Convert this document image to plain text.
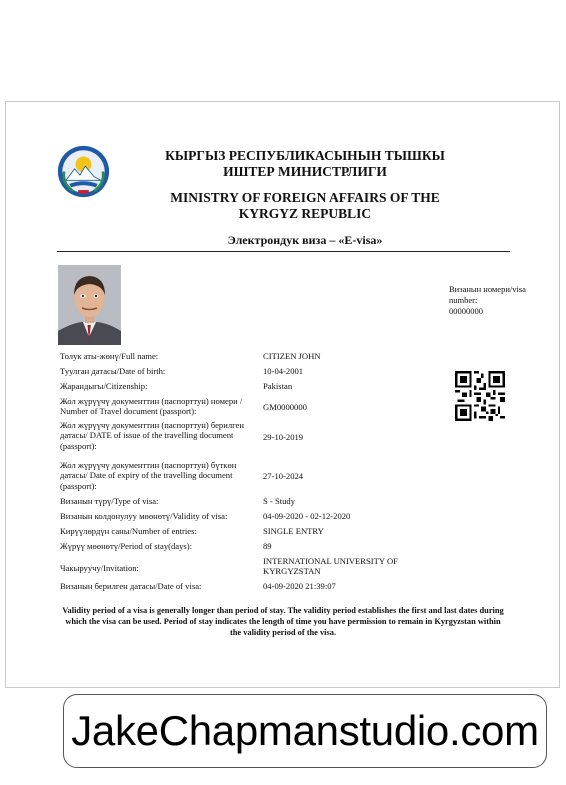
КЫРГЫЗ РЕСПУБЛИКАСЫНЫН ТЫШКЫ ИШТЕР МИНИСТРЛИГИ
MINISTRY OF FOREIGN AFFAIRS OF THE KYRGYZ REPUBLIC
Электрондук виза – «E-visa»
Визанын номери/visa number:
00000000
Толук аты-жөнү/Full name:	CITIZEN JOHN
Туулган датасы/Date of birth:	10-04-2001
Жарандыгы/Citizenship:	Pakistan
Жол жүрүүчү документтин (паспорттун) номери / Number of Travel document (passport):	GM0000000
Жол жүрүүчү документтин (паспорттун) берилген датасы/ DATE of issue of the travelling document (passport):
29-10-2019
Жол жүрүүчү документтин (паспорттун) бүткөн датасы/ Date of expiry of the travelling document (passport):
27-10-2024
Визанын түрү/Type of visa:	S - Study
Визанын колдонулуу мөөнөтү/Validity of visa:	04-09-2020 - 02-12-2020
Кирүүлөрдүн саны/Number of entries:	SINGLE ENTRY
Жүрүү мөөнөтү/Period of stay(days):	89
Чакыруучу/Invitation:
INTERNATIONAL UNIVERSITY OF KYRGYZSTAN
Визанын берилген датасы/Date of visa:	04-09-2020 21:39:07
Validity period of a visa is generally longer than period of stay. The validity period establishes the first and last dates during which the visa can be used. Period of stay indicates the length of time you have permission to remain in Kyrgyzstan within the validity period of the visa.
JakeChapmanstudio.com
